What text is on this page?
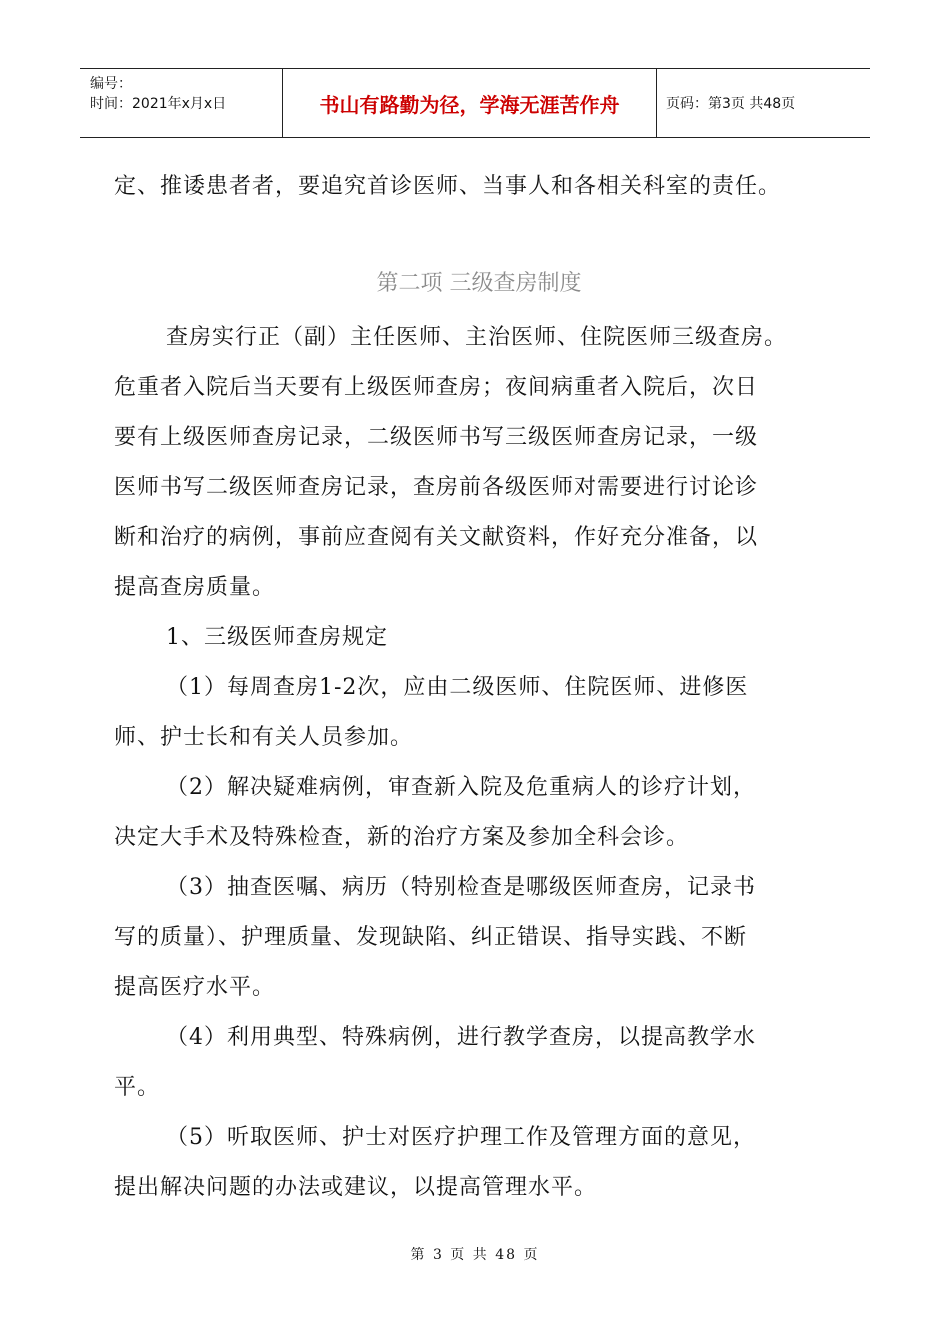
编号：
时间：2021年x月x日	书山有路勤为径，学海无涯苦作舟	页码：第3页 共48页
定、推诿患者者，要追究首诊医师、当事人和各相关科室的责任。
第二项 三级查房制度
查房实行正（副）主任医师、主治医师、住院医师三级查房。
危重者入院后当天要有上级医师查房；夜间病重者入院后，次日
要有上级医师查房记录，二级医师书写三级医师查房记录，一级
医师书写二级医师查房记录，查房前各级医师对需要进行讨论诊
断和治疗的病例，事前应查阅有关文献资料，作好充分准备，以
提高查房质量。
1、三级医师查房规定
（1）每周查房1-2次，应由二级医师、住院医师、进修医
师、护士长和有关人员参加。
（2）解决疑难病例，审查新入院及危重病人的诊疗计划，
决定大手术及特殊检查，新的治疗方案及参加全科会诊。
（3）抽查医嘱、病历（特别检查是哪级医师查房，记录书
写的质量）、护理质量、发现缺陷、纠正错误、指导实践、不断
提高医疗水平。
（4）利用典型、特殊病例，进行教学查房，以提高教学水
平。
（5）听取医师、护士对医疗护理工作及管理方面的意见，
提出解决问题的办法或建议，以提高管理水平。
第 3 页 共 48 页
